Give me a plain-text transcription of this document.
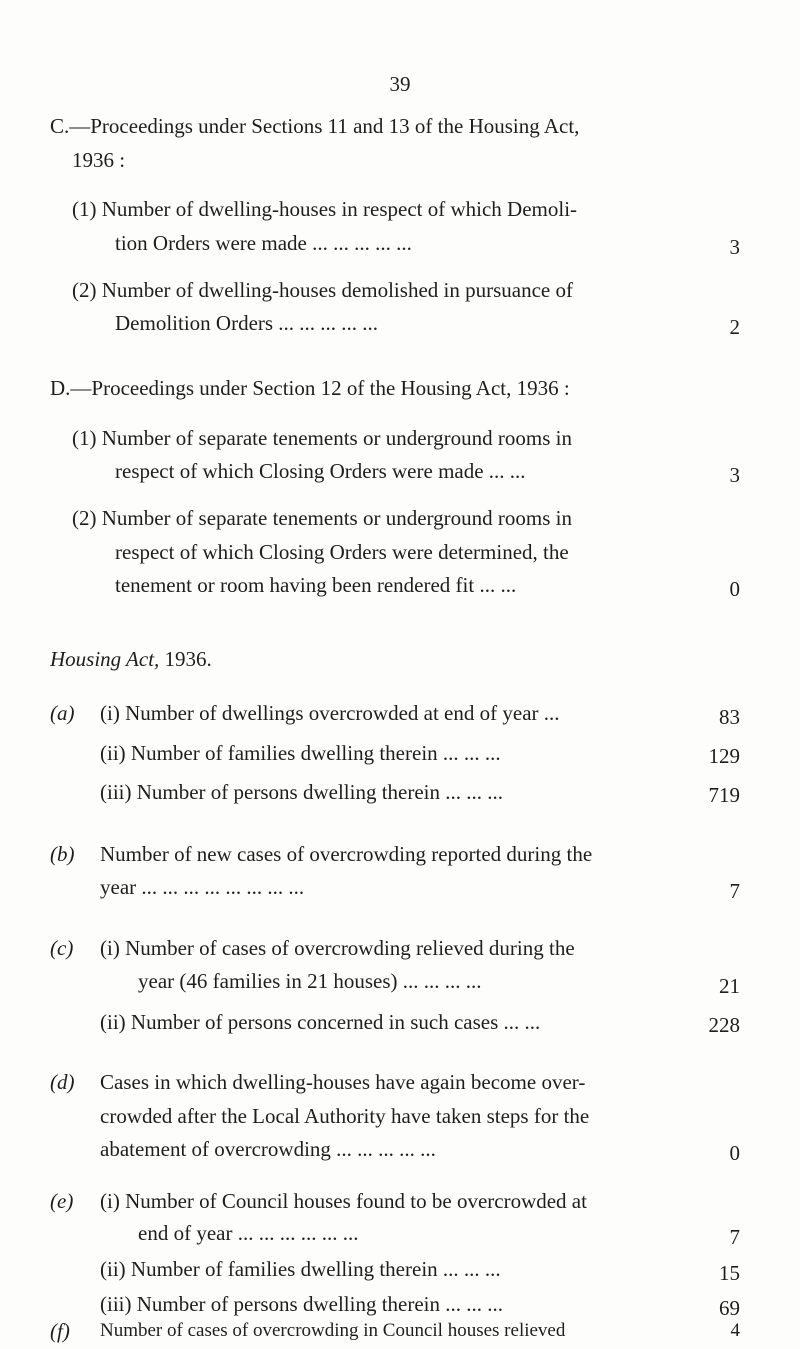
39
C.—Proceedings under Sections 11 and 13 of the Housing Act,
1936 :
(1) Number of dwelling-houses in respect of which Demoli-
tion Orders were made ... ... ... ... ...	3
(2) Number of dwelling-houses demolished in pursuance of
Demolition Orders ... ... ... ... ...	2
D.—Proceedings under Section 12 of the Housing Act, 1936 :
(1) Number of separate tenements or underground rooms in
respect of which Closing Orders were made ... ...	3
(2) Number of separate tenements or underground rooms in
respect of which Closing Orders were determined, the
tenement or room having been rendered fit ... ...	0
Housing Act, 1936.
(a) (i) Number of dwellings overcrowded at end of year ...	83
(ii) Number of families dwelling therein ... ... ...	129
(iii) Number of persons dwelling therein ... ... ...	719
(b) Number of new cases of overcrowding reported during the
year ... ... ... ... ... ... ... ...	7
(c) (i) Number of cases of overcrowding relieved during the
year (46 families in 21 houses) ... ... ... ...	21
(ii) Number of persons concerned in such cases ... ...	228
(d) Cases in which dwelling-houses have again become over-
crowded after the Local Authority have taken steps for the
abatement of overcrowding ... ... ... ... ...	0
(e) (i) Number of Council houses found to be overcrowded at
end of year ... ... ... ... ... ...	7
(ii) Number of families dwelling therein ... ... ...	15
(iii) Number of persons dwelling therein ... ... ...	69
(f) Number of cases of overcrowding in Council houses relieved	4
